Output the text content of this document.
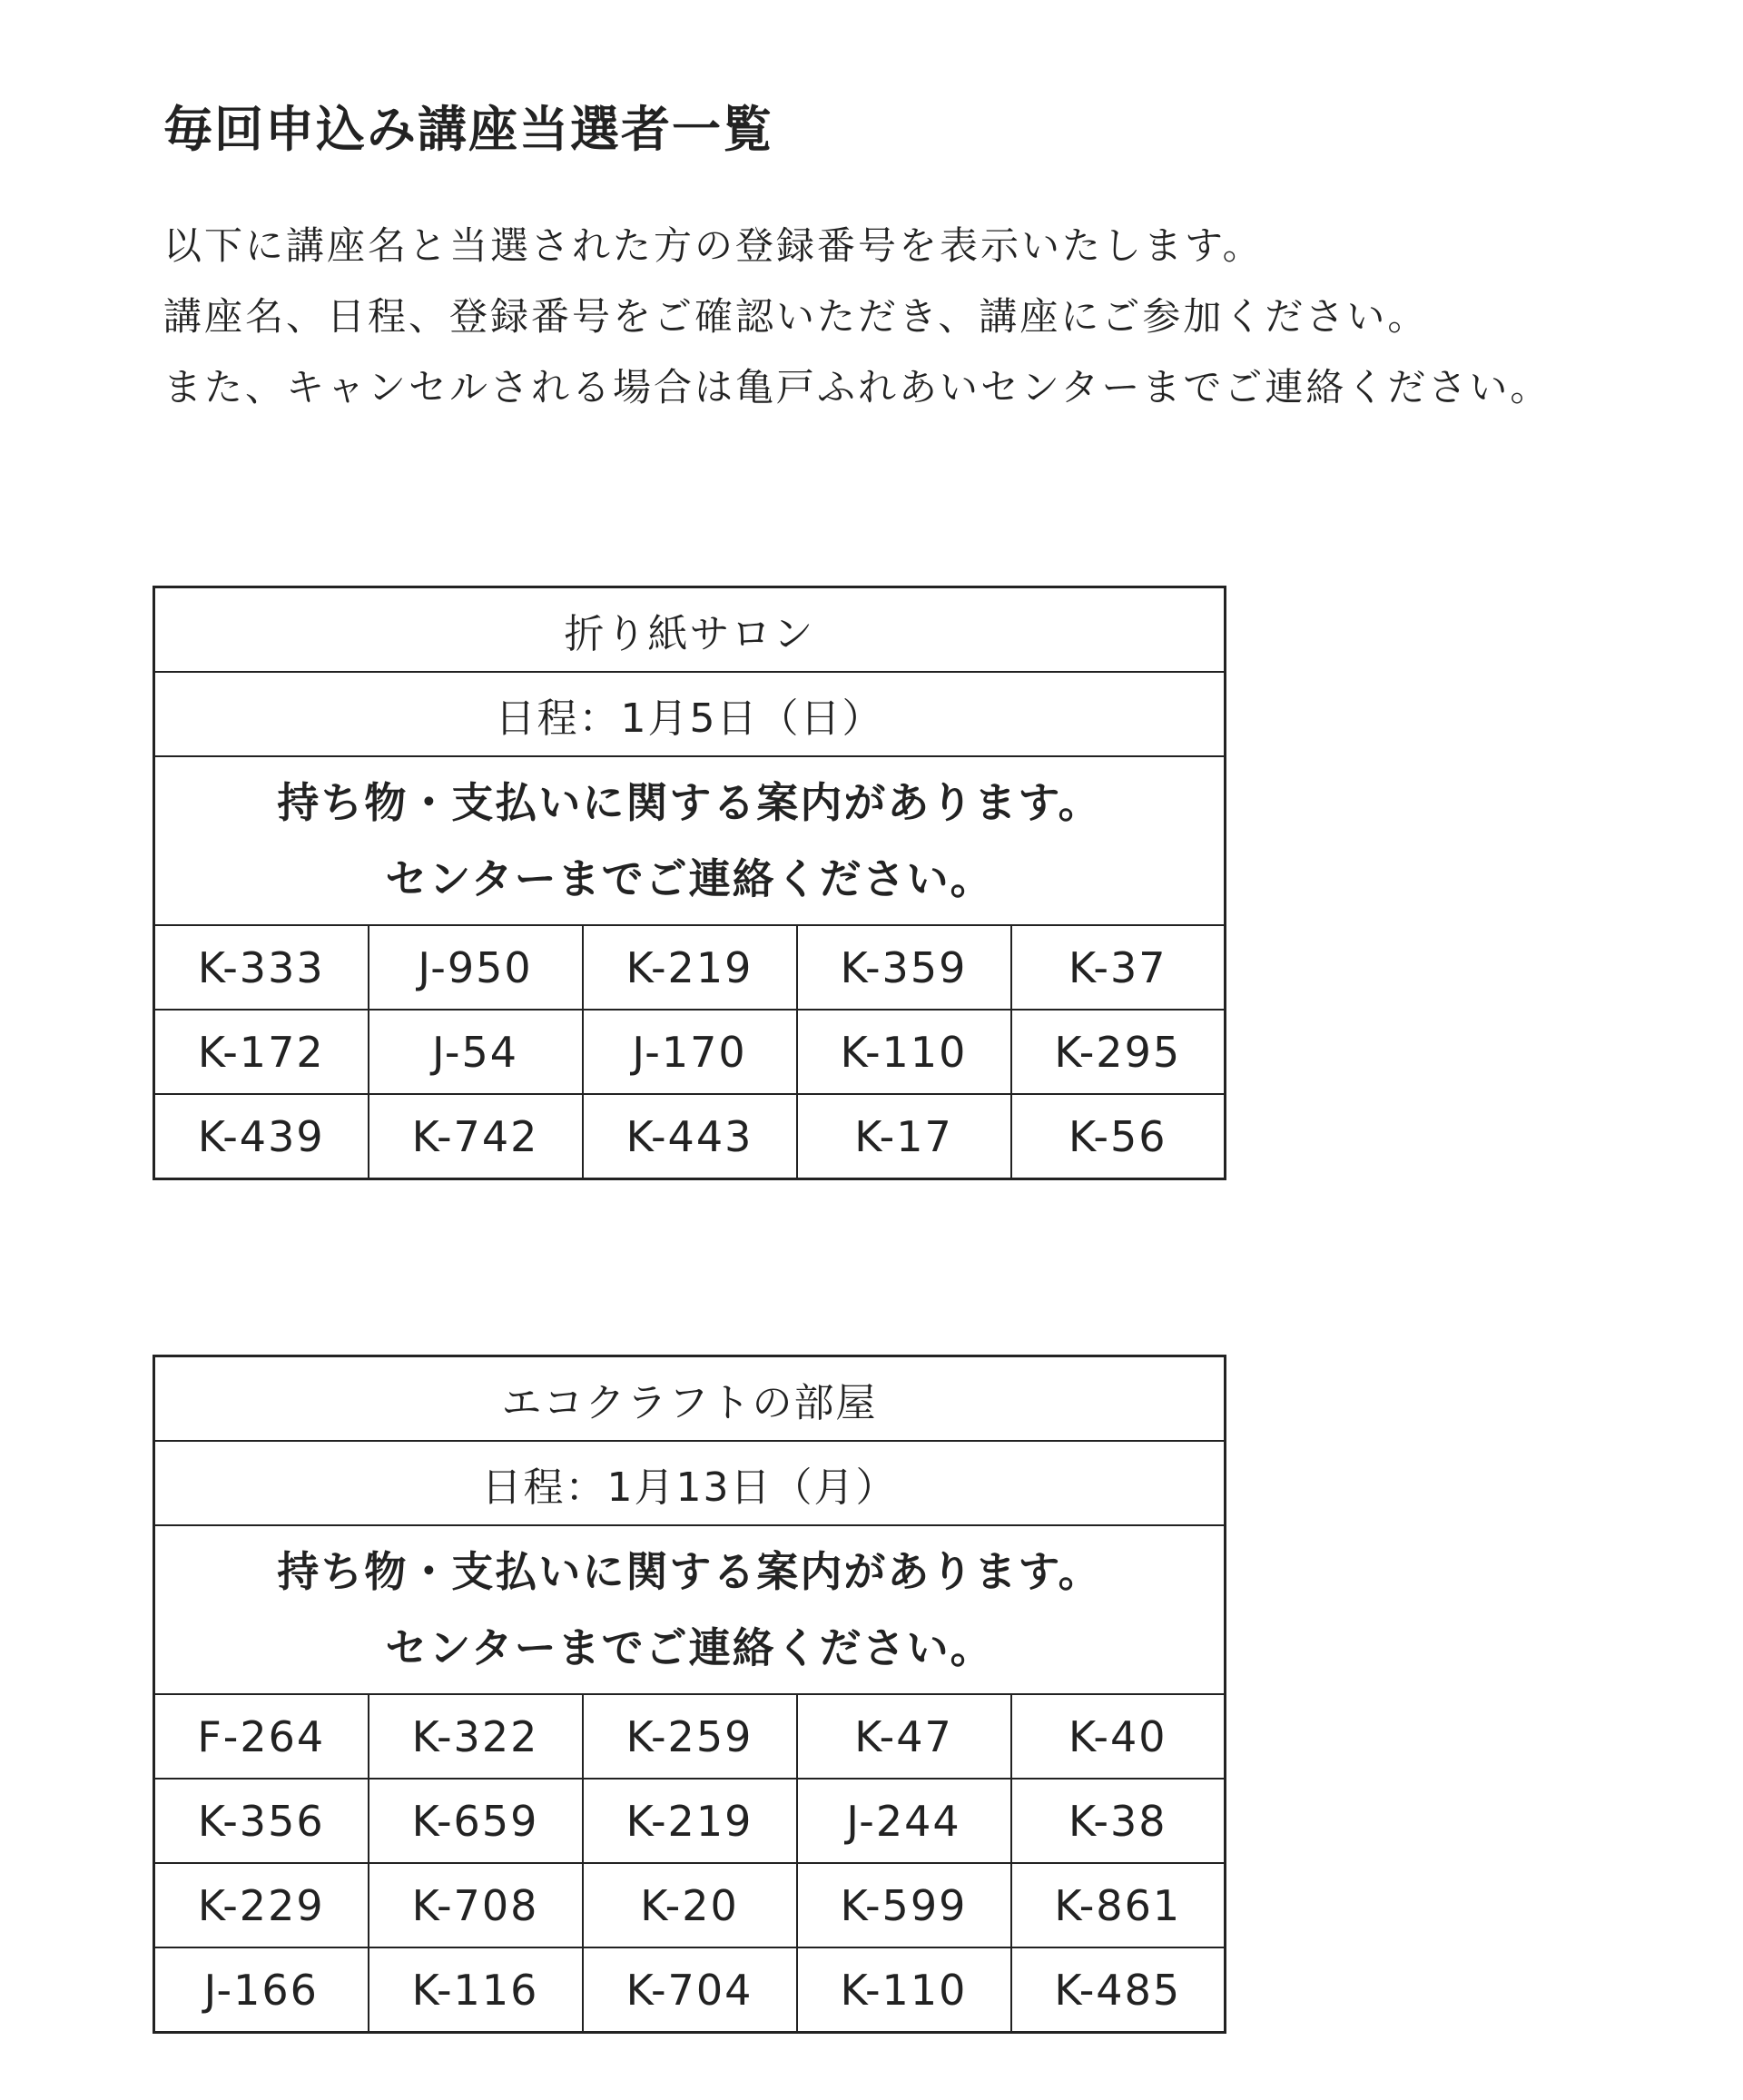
毎回申込み講座当選者一覧

以下に講座名と当選された方の登録番号を表示いたします。
講座名、日程、登録番号をご確認いただき、講座にご参加ください。
また、キャンセルされる場合は亀戸ふれあいセンターまでご連絡ください。

折り紙サロン				
日程：1月5日（日）				

持ち物・支払いに関する案内があります。
センターまでご連絡ください。				

K-333	J-950	K-219	K-359	K-37
K-172	J-54	J-170	K-110	K-295
K-439	K-742	K-443	K-17	K-56
エコクラフトの部屋				
日程：1月13日（月）				

持ち物・支払いに関する案内があります。
センターまでご連絡ください。				

F-264	K-322	K-259	K-47	K-40
K-356	K-659	K-219	J-244	K-38
K-229	K-708	K-20	K-599	K-861
J-166	K-116	K-704	K-110	K-485
